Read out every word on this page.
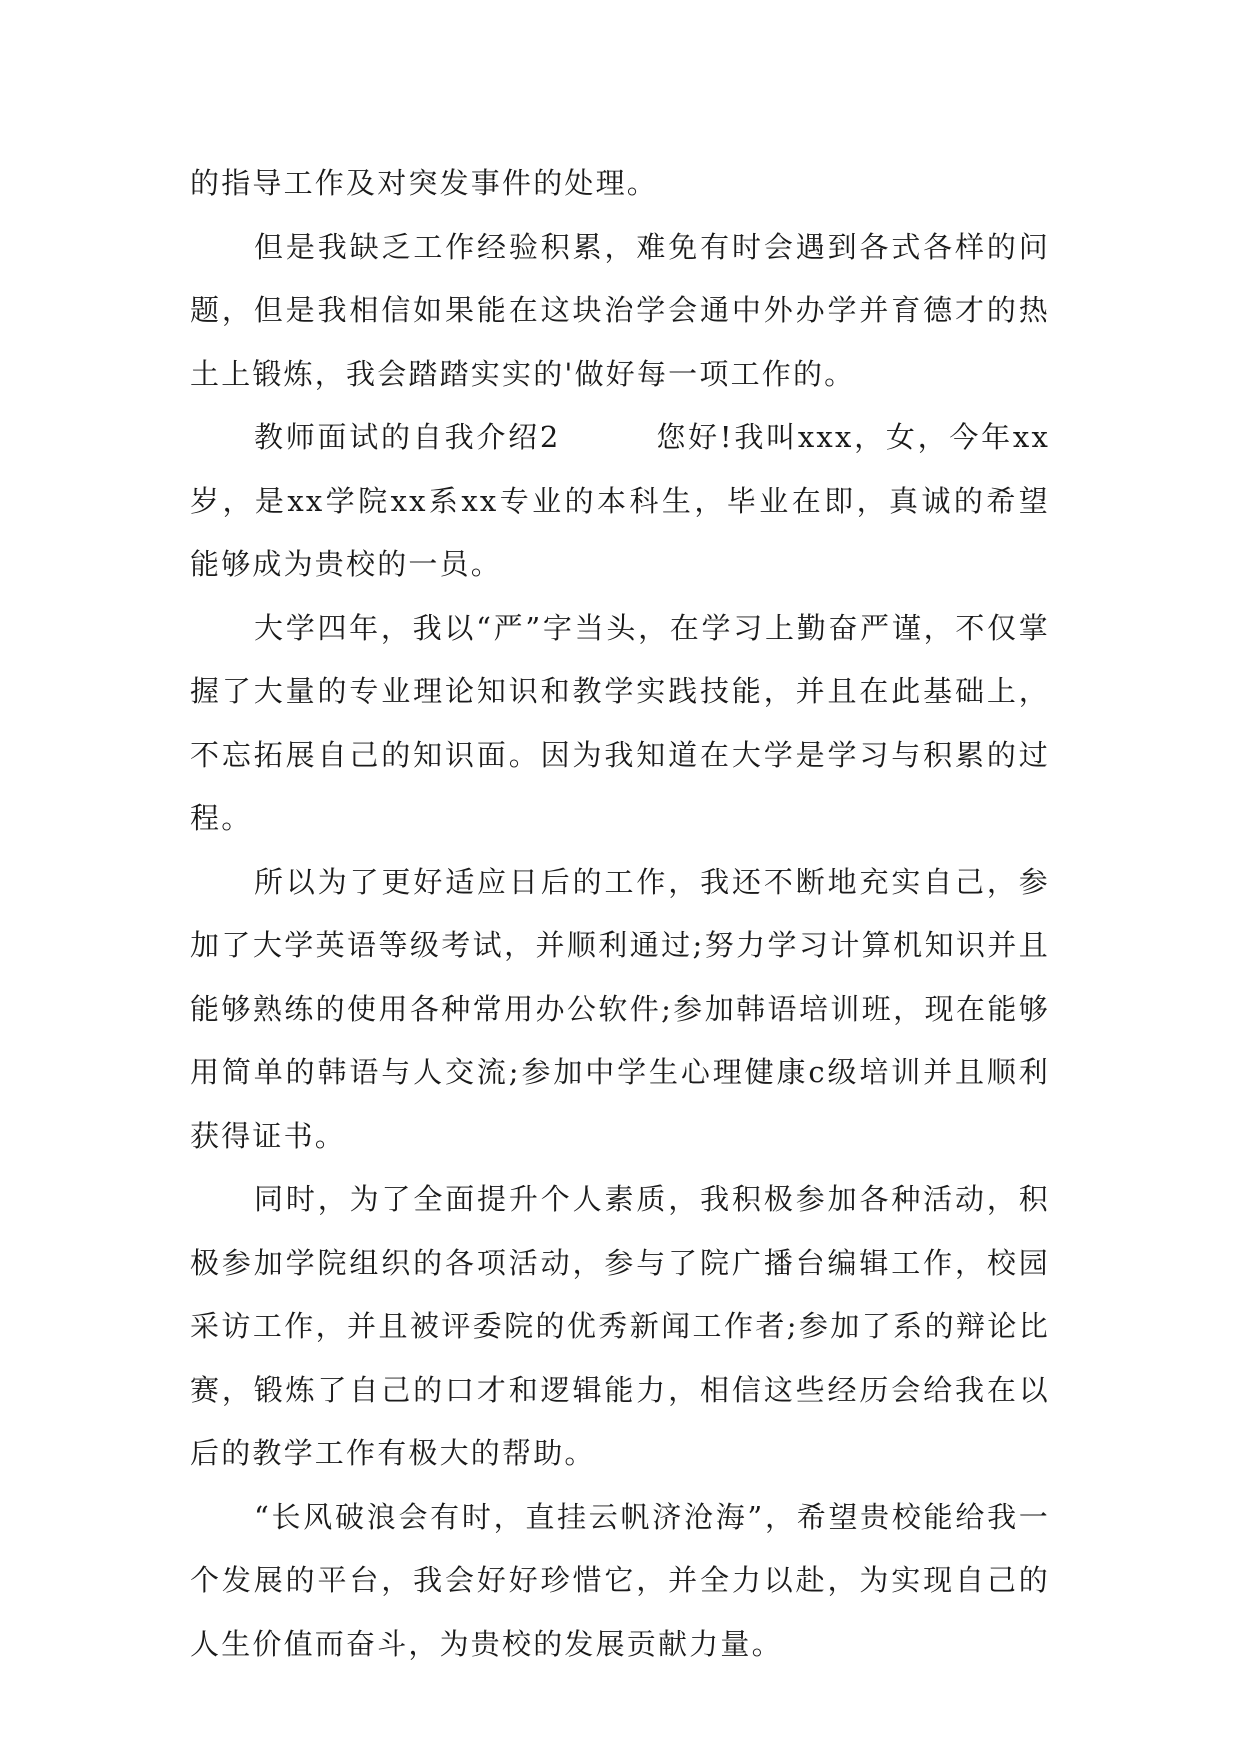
的指导工作及对突发事件的处理。

但是我缺乏工作经验积累，难免有时会遇到各式各样的问题，但是我相信如果能在这块治学会通中外办学并育德才的热土上锻炼，我会踏踏实实的'做好每一项工作的。

教师面试的自我介绍2　　　您好!我叫xxx，女，今年xx岁，是xx学院xx系xx专业的本科生，毕业在即，真诚的希望能够成为贵校的一员。

大学四年，我以“严”字当头，在学习上勤奋严谨，不仅掌握了大量的专业理论知识和教学实践技能，并且在此基础上，不忘拓展自己的知识面。因为我知道在大学是学习与积累的过程。

所以为了更好适应日后的工作，我还不断地充实自己，参加了大学英语等级考试，并顺利通过;努力学习计算机知识并且能够熟练的使用各种常用办公软件;参加韩语培训班，现在能够用简单的韩语与人交流;参加中学生心理健康c级培训并且顺利获得证书。

同时，为了全面提升个人素质，我积极参加各种活动，积极参加学院组织的各项活动，参与了院广播台编辑工作，校园采访工作，并且被评委院的优秀新闻工作者;参加了系的辩论比赛，锻炼了自己的口才和逻辑能力，相信这些经历会给我在以后的教学工作有极大的帮助。

“长风破浪会有时，直挂云帆济沧海”，希望贵校能给我一个发展的平台，我会好好珍惜它，并全力以赴，为实现自己的人生价值而奋斗，为贵校的发展贡献力量。
